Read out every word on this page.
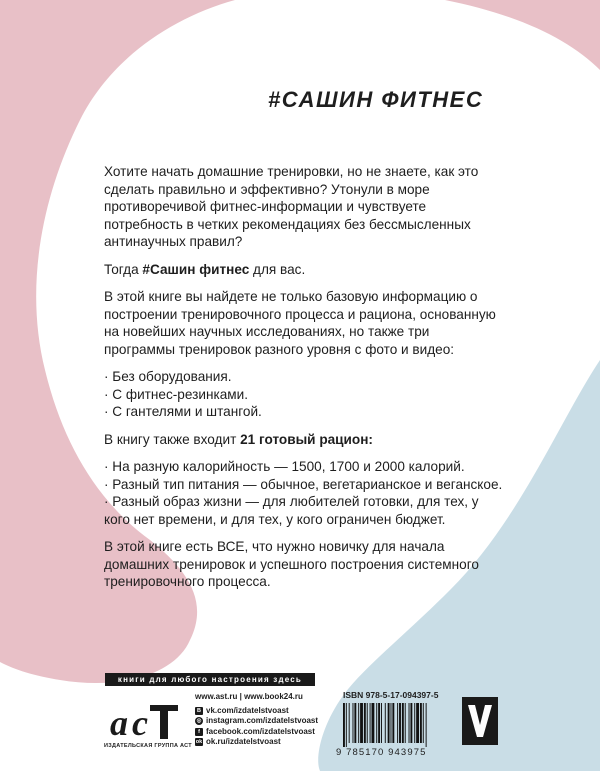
#САШИН ФИТНЕС

Хотите начать домашние тренировки, но не знаете, как это сделать правильно и эффективно? Утонули в море противоречивой фитнес-информации и чувствуете потребность в четких рекомендациях без бессмысленных антинаучных правил?

Тогда #Сашин фитнес для вас.

В этой книге вы найдете не только базовую информацию о построении тренировочного процесса и рациона, основанную на новейших научных исследованиях, но также три программы тренировок разного уровня с фото и видео:

· Без оборудования.
· С фитнес-резинками.
· С гантелями и штангой.

В книгу также входит 21 готовый рацион:

· На разную калорийность — 1500, 1700 и 2000 калорий.
· Разный тип питания — обычное, вегетарианское и веганское.
· Разный образ жизни — для любителей готовки, для тех, у кого нет времени, и для тех, у кого ограничен бюджет.

В этой книге есть ВСЕ, что нужно новичку для начала домашних тренировок и успешного построения системного тренировочного процесса.

книги для любого настроения здесь
a c
ИЗДАТЕЛЬСКАЯ ГРУППА АСТ
www.ast.ru | www.book24.ru
B vk.com/izdatelstvoast
◎ instagram.com/izdatelstvoast
f facebook.com/izdatelstvoast
ok ok.ru/izdatelstvoast
ISBN 978-5-17-094397-5
9 785170 943975
